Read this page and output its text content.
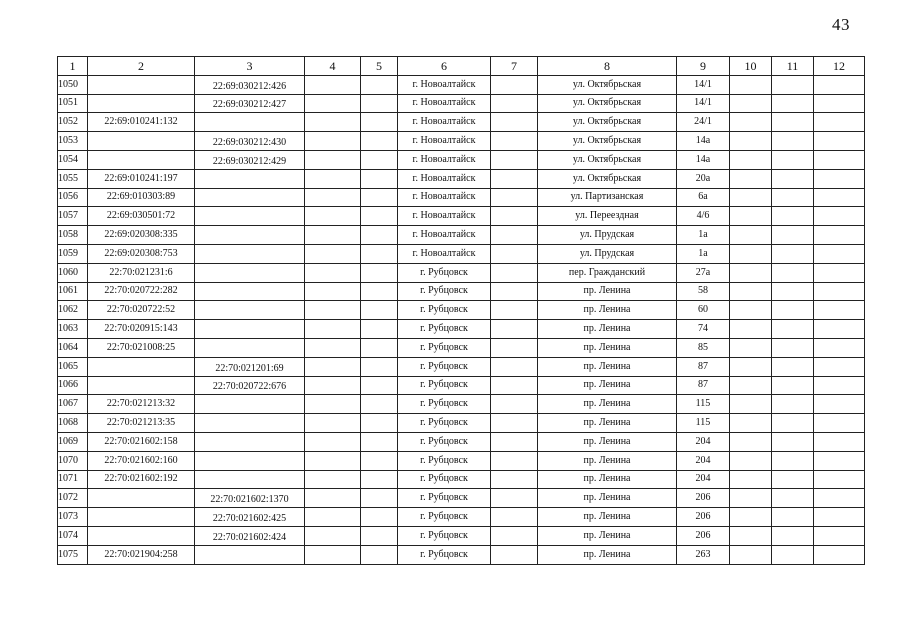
43
1	2	3	4	5	6	7	8	9	10	11	12
1050		22:69:030212:426			г. Новоалтайск		ул. Октябрьская	14/1			
1051		22:69:030212:427			г. Новоалтайск		ул. Октябрьская	14/1			
1052	22:69:010241:132				г. Новоалтайск		ул. Октябрьская	24/1			
1053		22:69:030212:430			г. Новоалтайск		ул. Октябрьская	14а			
1054		22:69:030212:429			г. Новоалтайск		ул. Октябрьская	14а			
1055	22:69:010241:197				г. Новоалтайск		ул. Октябрьская	20а			
1056	22:69:010303:89				г. Новоалтайск		ул. Партизанская	6а			
1057	22:69:030501:72				г. Новоалтайск		ул. Переездная	4/6			
1058	22:69:020308:335				г. Новоалтайск		ул. Прудская	1а			
1059	22:69:020308:753				г. Новоалтайск		ул. Прудская	1а			
1060	22:70:021231:6				г. Рубцовск		пер. Гражданский	27а			
1061	22:70:020722:282				г. Рубцовск		пр. Ленина	58			
1062	22:70:020722:52				г. Рубцовск		пр. Ленина	60			
1063	22:70:020915:143				г. Рубцовск		пр. Ленина	74			
1064	22:70:021008:25				г. Рубцовск		пр. Ленина	85			
1065		22:70:021201:69			г. Рубцовск		пр. Ленина	87			
1066		22:70:020722:676			г. Рубцовск		пр. Ленина	87			
1067	22:70:021213:32				г. Рубцовск		пр. Ленина	115			
1068	22:70:021213:35				г. Рубцовск		пр. Ленина	115			
1069	22:70:021602:158				г. Рубцовск		пр. Ленина	204			
1070	22:70:021602:160				г. Рубцовск		пр. Ленина	204			
1071	22:70:021602:192				г. Рубцовск		пр. Ленина	204			
1072		22:70:021602:1370			г. Рубцовск		пр. Ленина	206			
1073		22:70:021602:425			г. Рубцовск		пр. Ленина	206			
1074		22:70:021602:424			г. Рубцовск		пр. Ленина	206			
1075	22:70:021904:258				г. Рубцовск		пр. Ленина	263			
